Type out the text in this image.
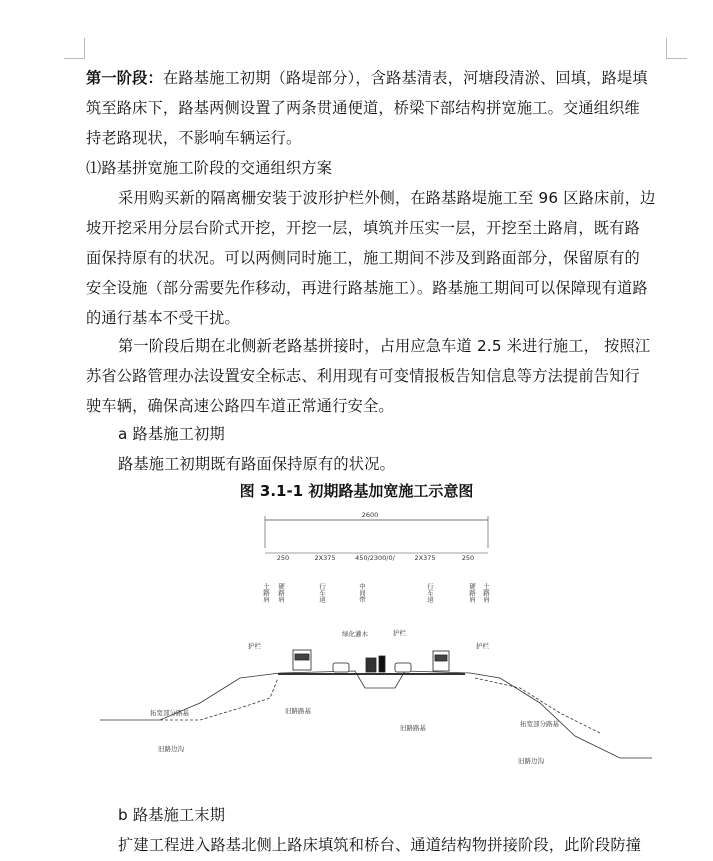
第一阶段：在路基施工初期（路堤部分），含路基清表，河塘段清淤、回填，路堤填
筑至路床下，路基两侧设置了两条贯通便道，桥梁下部结构拼宽施工。交通组织维
持老路现状，不影响车辆运行。
⑴路基拼宽施工阶段的交通组织方案
采用购买新的隔离栅安装于波形护栏外侧，在路基路堤施工至 96 区路床前，边
坡开挖采用分层台阶式开挖，开挖一层，填筑并压实一层，开挖至土路肩，既有路
面保持原有的状况。可以两侧同时施工，施工期间不涉及到路面部分，保留原有的
安全设施（部分需要先作移动，再进行路基施工）。路基施工期间可以保障现有道路
的通行基本不受干扰。
第一阶段后期在北侧新老路基拼接时，占用应急车道 2.5 米进行施工， 按照江
苏省公路管理办法设置安全标志、利用现有可变情报板告知信息等方法提前告知行
驶车辆，确保高速公路四车道正常通行安全。
a 路基施工初期
路基施工初期既有路面保持原有的状况。
图 3.1-1 初期路基加宽施工示意图
2600
250	2X375	450/2300/0/	2X375	250
土路肩 硬路肩	行车道	中间带	行车道	硬路肩 土路肩
绿化灌木	护栏
护栏	护栏
拓宽部分路基
拓宽部分路基
旧路路基
旧路路基
旧路边沟
旧路边沟
b 路基施工末期
扩建工程进入路基北侧上路床填筑和桥台、通道结构物拼接阶段，此阶段防撞
